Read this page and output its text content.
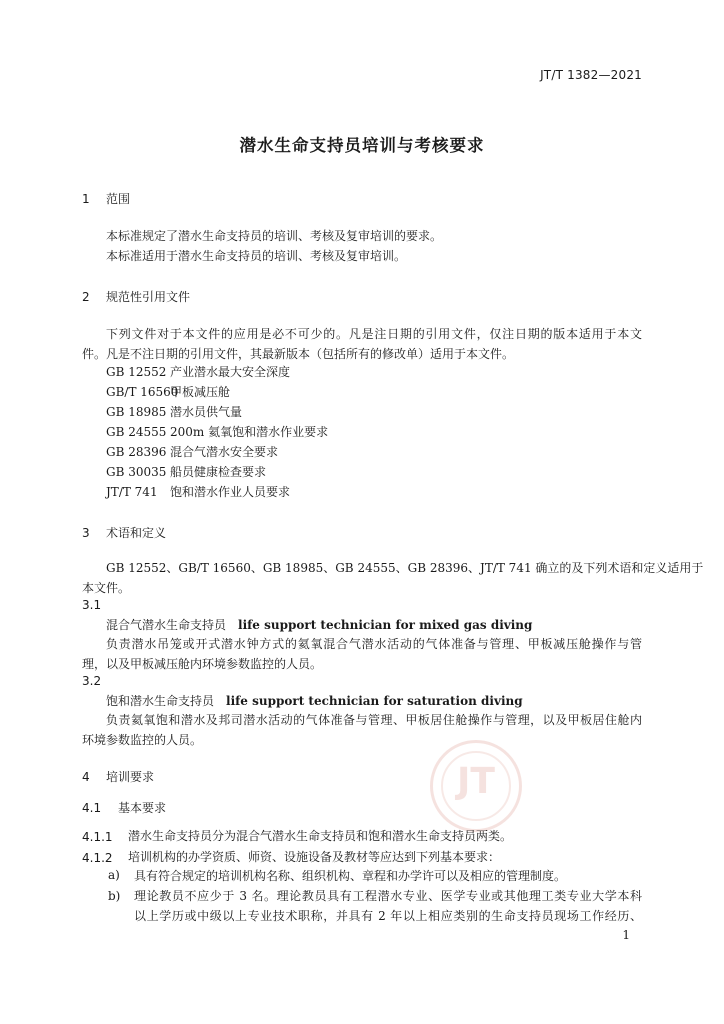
JT/T 1382—2021
潜水生命支持员培训与考核要求
1 范围
本标准规定了潜水生命支持员的培训、考核及复审培训的要求。
本标准适用于潜水生命支持员的培训、考核及复审培训。
2 规范性引用文件
下列文件对于本文件的应用是必不可少的。凡是注日期的引用文件，仅注日期的版本适用于本文
件。凡是不注日期的引用文件，其最新版本（包括所有的修改单）适用于本文件。
GB 12552 产业潜水最大安全深度
GB/T 16560甲板减压舱
GB 18985 潜水员供气量
GB 24555 200m 氦氧饱和潜水作业要求
GB 28396 混合气潜水安全要求
GB 30035 船员健康检查要求
JT/T 741 饱和潜水作业人员要求
3 术语和定义
GB 12552、GB/T 16560、GB 18985、GB 24555、GB 28396、JT/T 741 确立的及下列术语和定义适用于
本文件。
3.1
混合气潜水生命支持员 life support technician for mixed gas diving
负责潜水吊笼或开式潜水钟方式的氦氧混合气潜水活动的气体准备与管理、甲板减压舱操作与管
理，以及甲板减压舱内环境参数监控的人员。
3.2
饱和潜水生命支持员 life support technician for saturation diving
负责氦氧饱和潜水及邦司潜水活动的气体准备与管理、甲板居住舱操作与管理，以及甲板居住舱内
环境参数监控的人员。
JT
4 培训要求
4.1 基本要求
4.1.1 潜水生命支持员分为混合气潜水生命支持员和饱和潜水生命支持员两类。
4.1.2 培训机构的办学资质、师资、设施设备及教材等应达到下列基本要求：
a) 具有符合规定的培训机构名称、组织机构、章程和办学许可以及相应的管理制度。
b) 理论教员不应少于 3 名。理论教员具有工程潜水专业、医学专业或其他理工类专业大学本科
以上学历或中级以上专业技术职称，并具有 2 年以上相应类别的生命支持员现场工作经历、
1
